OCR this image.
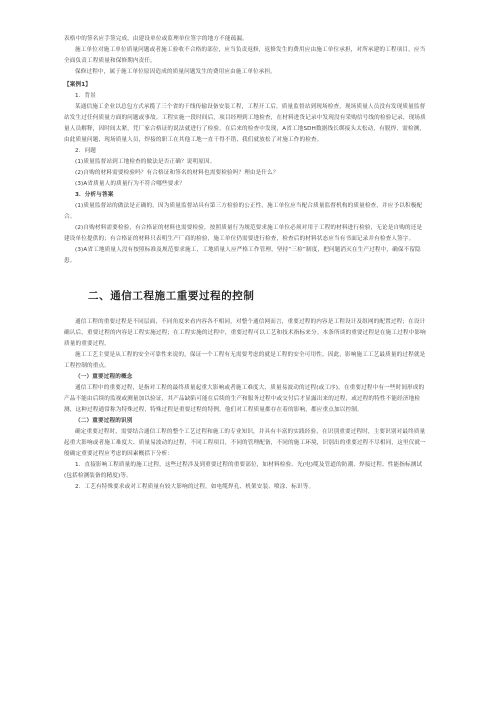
表格中的签名应手签完成，由建设单位或监理单位签字的地方不能疏漏。

施工单位对施工单位质量问题或者施工验收不合格的部位，应当负责返修，返修发生的费用应由施工单位承担，对所承建的工程项目，应当全面负责工程质量和保修期内责任。

保修过程中，属于施工单位原因造成的质量问题发生的费用应由施工单位承担。

【案例1】

1．背景

某通信施工企业以总包方式承揽了三个省的干线传输设备安装工程，工程开工后，质量监督站到现场检查，现场质量人员没有发现质量监督站发生过任何质量方面的问题或事故。工程实施一段时间后，项目经理到工地检查，在材料进货记录中发现没有采购信号线的检验记录，现场质量人员解释，因时间太紧，凭厂家合格证的说法就进行了检验，在后来的检查中发现，A省工地SDH数据线长绑接头太松动，有脱焊，需检测，由此质量问题，现场质量人员，焊接的职工在其他工地一直干得不错，我们就放松了对施工作的检查。

2．问题

(1)质量监督站到工地检查的做法是否正确？说明原因。

(2)自购的材料需要检验吗？有合格证和签名的材料也需要检验吗？理由是什么？

(3)A省质量人的质量行为不符合哪些要求？

3．分析与答案

(1)质量监督站的做法是正确的，因为质量监督站具有第三方检验的公正性，施工单位应当配合质量监督机构的质量检查，并应予以积极配合。

(2)自购材料需要检验，有合格证的材料也需要检验，按照质量行为规范要求施工单位必须对用于工程的材料进行检验，无论是自购的还是建设单位提供的；有合格证的材料只表明生产厂商的检验，施工单位仍需要进行检查，检查后的材料状态应当有书面记录并有检查人签字。

(3)A省工地质量人没有按照标准及规范要求施工，工地质量人应严格工作管理，坚持“三检”制度，把问题消灭在生产过程中，确保不留隐患。

二、通信工程施工重要过程的控制

通信工程的重要过程是不同层面，不同角度来看内容各不相同，对整个通信网而言，重要过程的内容是工程设计及组网的配置过程；在设计确认后，重要过程的内容是工程实施过程；在工程实施的过程中，重要过程可以工艺和技术指标来分。本条所谈的重要过程是在施工过程中影响质量的重要过程。

施工工艺主要是从工程的安全可靠性来说的，保证一个工程有无需要考虑的就是工程的安全可用性，因此，影响施工工艺最质量的过程就是工程控制的重点。

（一）重要过程的概念

通信工程中的重要过程，是指对工程的最终质量起重大影响或者施工难度大、质量易波动的过程(或工序)。在重要过程中有一些时间形成的产品不能由后续的监视或测量加以验证，其产品缺陷可能在后续的生产和服务过程中或交付后才显露出来的过程，或过程的特性不能经济地检测，这种过程通常称为特殊过程，特殊过程是重要过程的特例，他们对工程质量都存在着的影响，都应重点加以控制。

（二）重要过程的识别

确定重要过程时，需要结合通信工程的整个工艺过程和施工的专业知识，并具有丰富的实践经验，在识别重要过程时，主要识别对最终质量起重大影响或者施工难度大、质量易波动的过程，不同工程项目，不同的管理配备，不同的施工环境，识别出的重要过程不尽相同，这里仅就一般确定重要过程应考虑的因素概括下分析：

1．直接影响工程质量的施工过程，这些过程涉及到重要过程的重要部位，如材料检验、光(电)缆及管道的防潮、焊接过程、性能指标测试(包括检测装备的精度)等。

2．工艺有特殊要求或对工程质量有较大影响的过程，如电缆焊孔、机架安装、喷涂、标识等。
